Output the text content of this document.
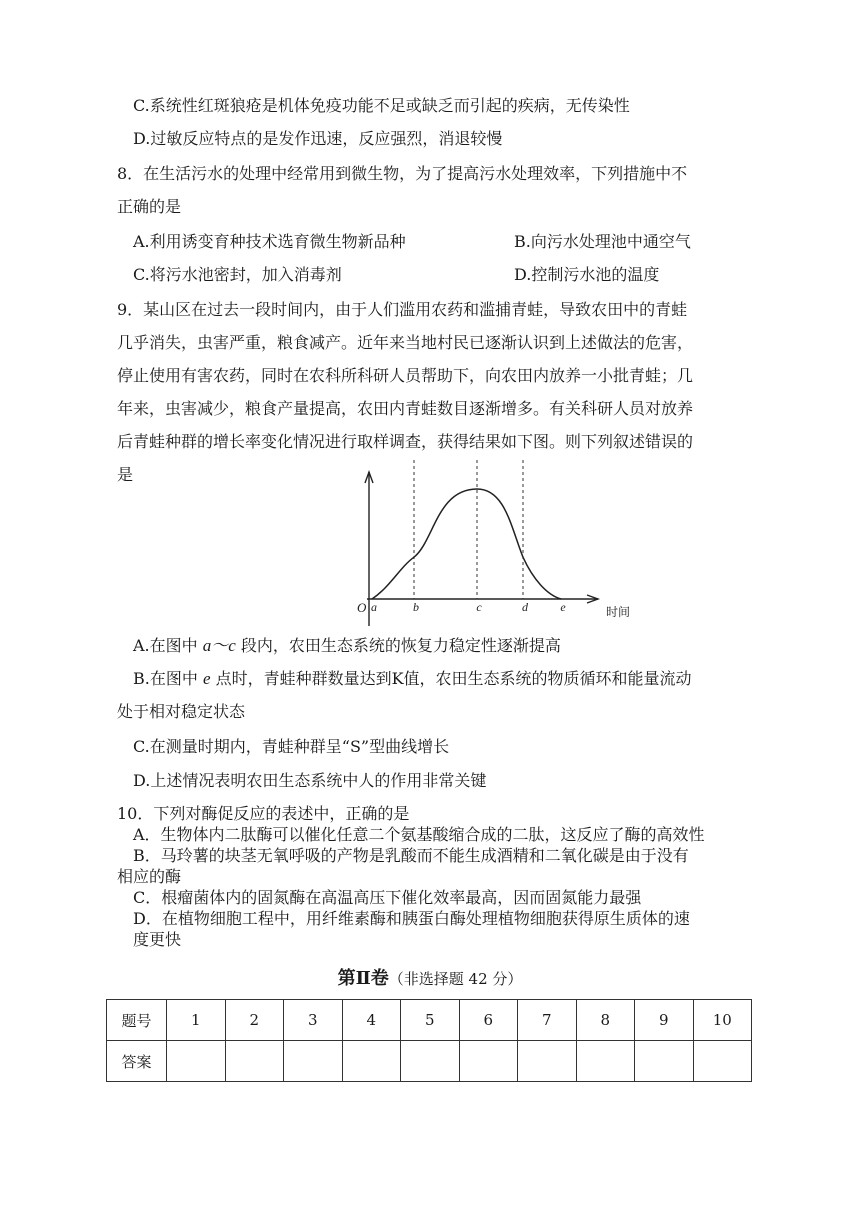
C.系统性红斑狼疮是机体免疫功能不足或缺乏而引起的疾病，无传染性
D.过敏反应特点的是发作迅速，反应强烈，消退较慢
8．在生活污水的处理中经常用到微生物，为了提高污水处理效率，下列措施中不
正确的是
A.利用诱变育种技术选育微生物新品种	B.向污水处理池中通空气
C.将污水池密封，加入消毒剂	D.控制污水池的温度
9．某山区在过去一段时间内，由于人们滥用农药和滥捕青蛙，导致农田中的青蛙
几乎消失，虫害严重，粮食减产。近年来当地村民已逐渐认识到上述做法的危害，
停止使用有害农药，同时在农科所科研人员帮助下，向农田内放养一小批青蛙；几
年来，虫害减少，粮食产量提高，农田内青蛙数目逐渐增多。有关科研人员对放养
后青蛙种群的增长率变化情况进行取样调查，获得结果如下图。则下列叙述错误的
是
O a	b	c	d	e	时间
A.在图中 a～c 段内，农田生态系统的恢复力稳定性逐渐提高
B.在图中 e 点时，青蛙种群数量达到K值，农田生态系统的物质循环和能量流动
处于相对稳定状态
C.在测量时期内，青蛙种群呈“S”型曲线增长
D.上述情况表明农田生态系统中人的作用非常关键
10．下列对酶促反应的表述中，正确的是
A．生物体内二肽酶可以催化任意二个氨基酸缩合成的二肽，这反应了酶的高效性
B．马玲薯的块茎无氧呼吸的产物是乳酸而不能生成酒精和二氧化碳是由于没有
相应的酶
C．根瘤菌体内的固氮酶在高温高压下催化效率最高，因而固氮能力最强
D．在植物细胞工程中，用纤维素酶和胰蛋白酶处理植物细胞获得原生质体的速
度更快
第Ⅱ卷（非选择题 42 分）
题号	1	2	3	4	5	6	7	8	9	10
答案										
